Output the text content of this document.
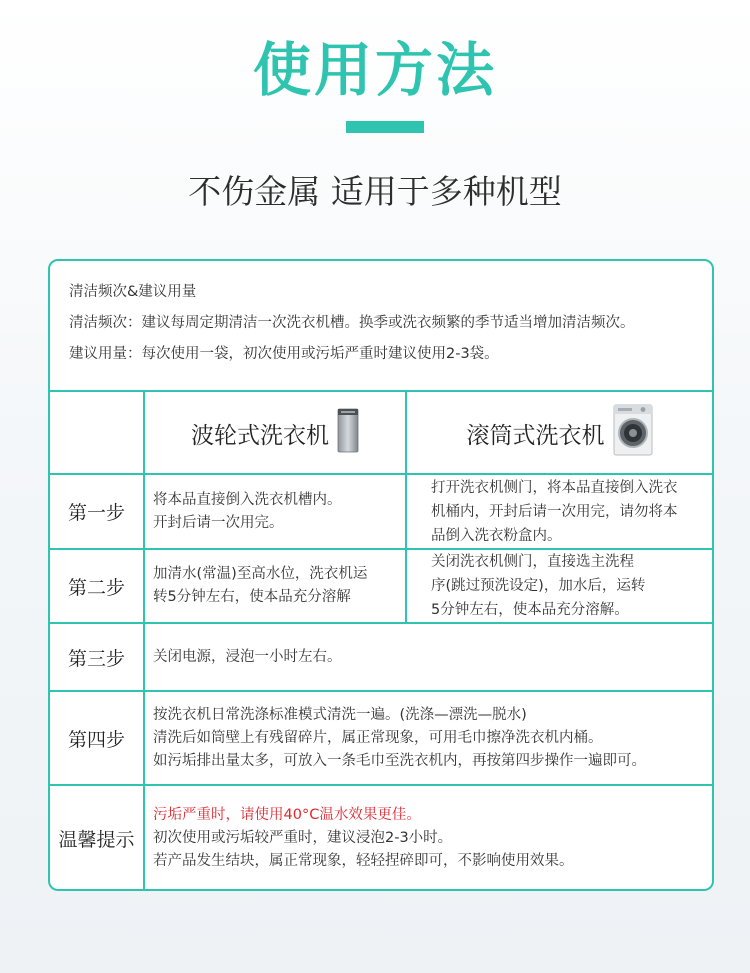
使用方法
不伤金属 适用于多种机型
清洁频次&建议用量
清洁频次：建议每周定期清洁一次洗衣机槽。换季或洗衣频繁的季节适当增加清洁频次。
建议用量：每次使用一袋，初次使用或污垢严重时建议使用2-3袋。
波轮式洗衣机	滚筒式洗衣机
第一步
将本品直接倒入洗衣机槽内。
开封后请一次用完。
打开洗衣机侧门，将本品直接倒入洗衣
机桶内，开封后请一次用完，请勿将本
品倒入洗衣粉盒内。
第二步
加清水(常温)至高水位，洗衣机运
转5分钟左右，使本品充分溶解
关闭洗衣机侧门，直接选主洗程
序(跳过预洗设定)，加水后，运转
5分钟左右，使本品充分溶解。
第三步	关闭电源，浸泡一小时左右。
第四步
按洗衣机日常洗涤标准模式清洗一遍。(洗涤—漂洗—脱水)
清洗后如筒壁上有残留碎片，属正常现象，可用毛巾擦净洗衣机内桶。
如污垢排出量太多，可放入一条毛巾至洗衣机内，再按第四步操作一遍即可。
温馨提示
污垢严重时，请使用40°C温水效果更佳。
初次使用或污垢较严重时，建议浸泡2-3小时。
若产品发生结块，属正常现象，轻轻捏碎即可，不影响使用效果。
